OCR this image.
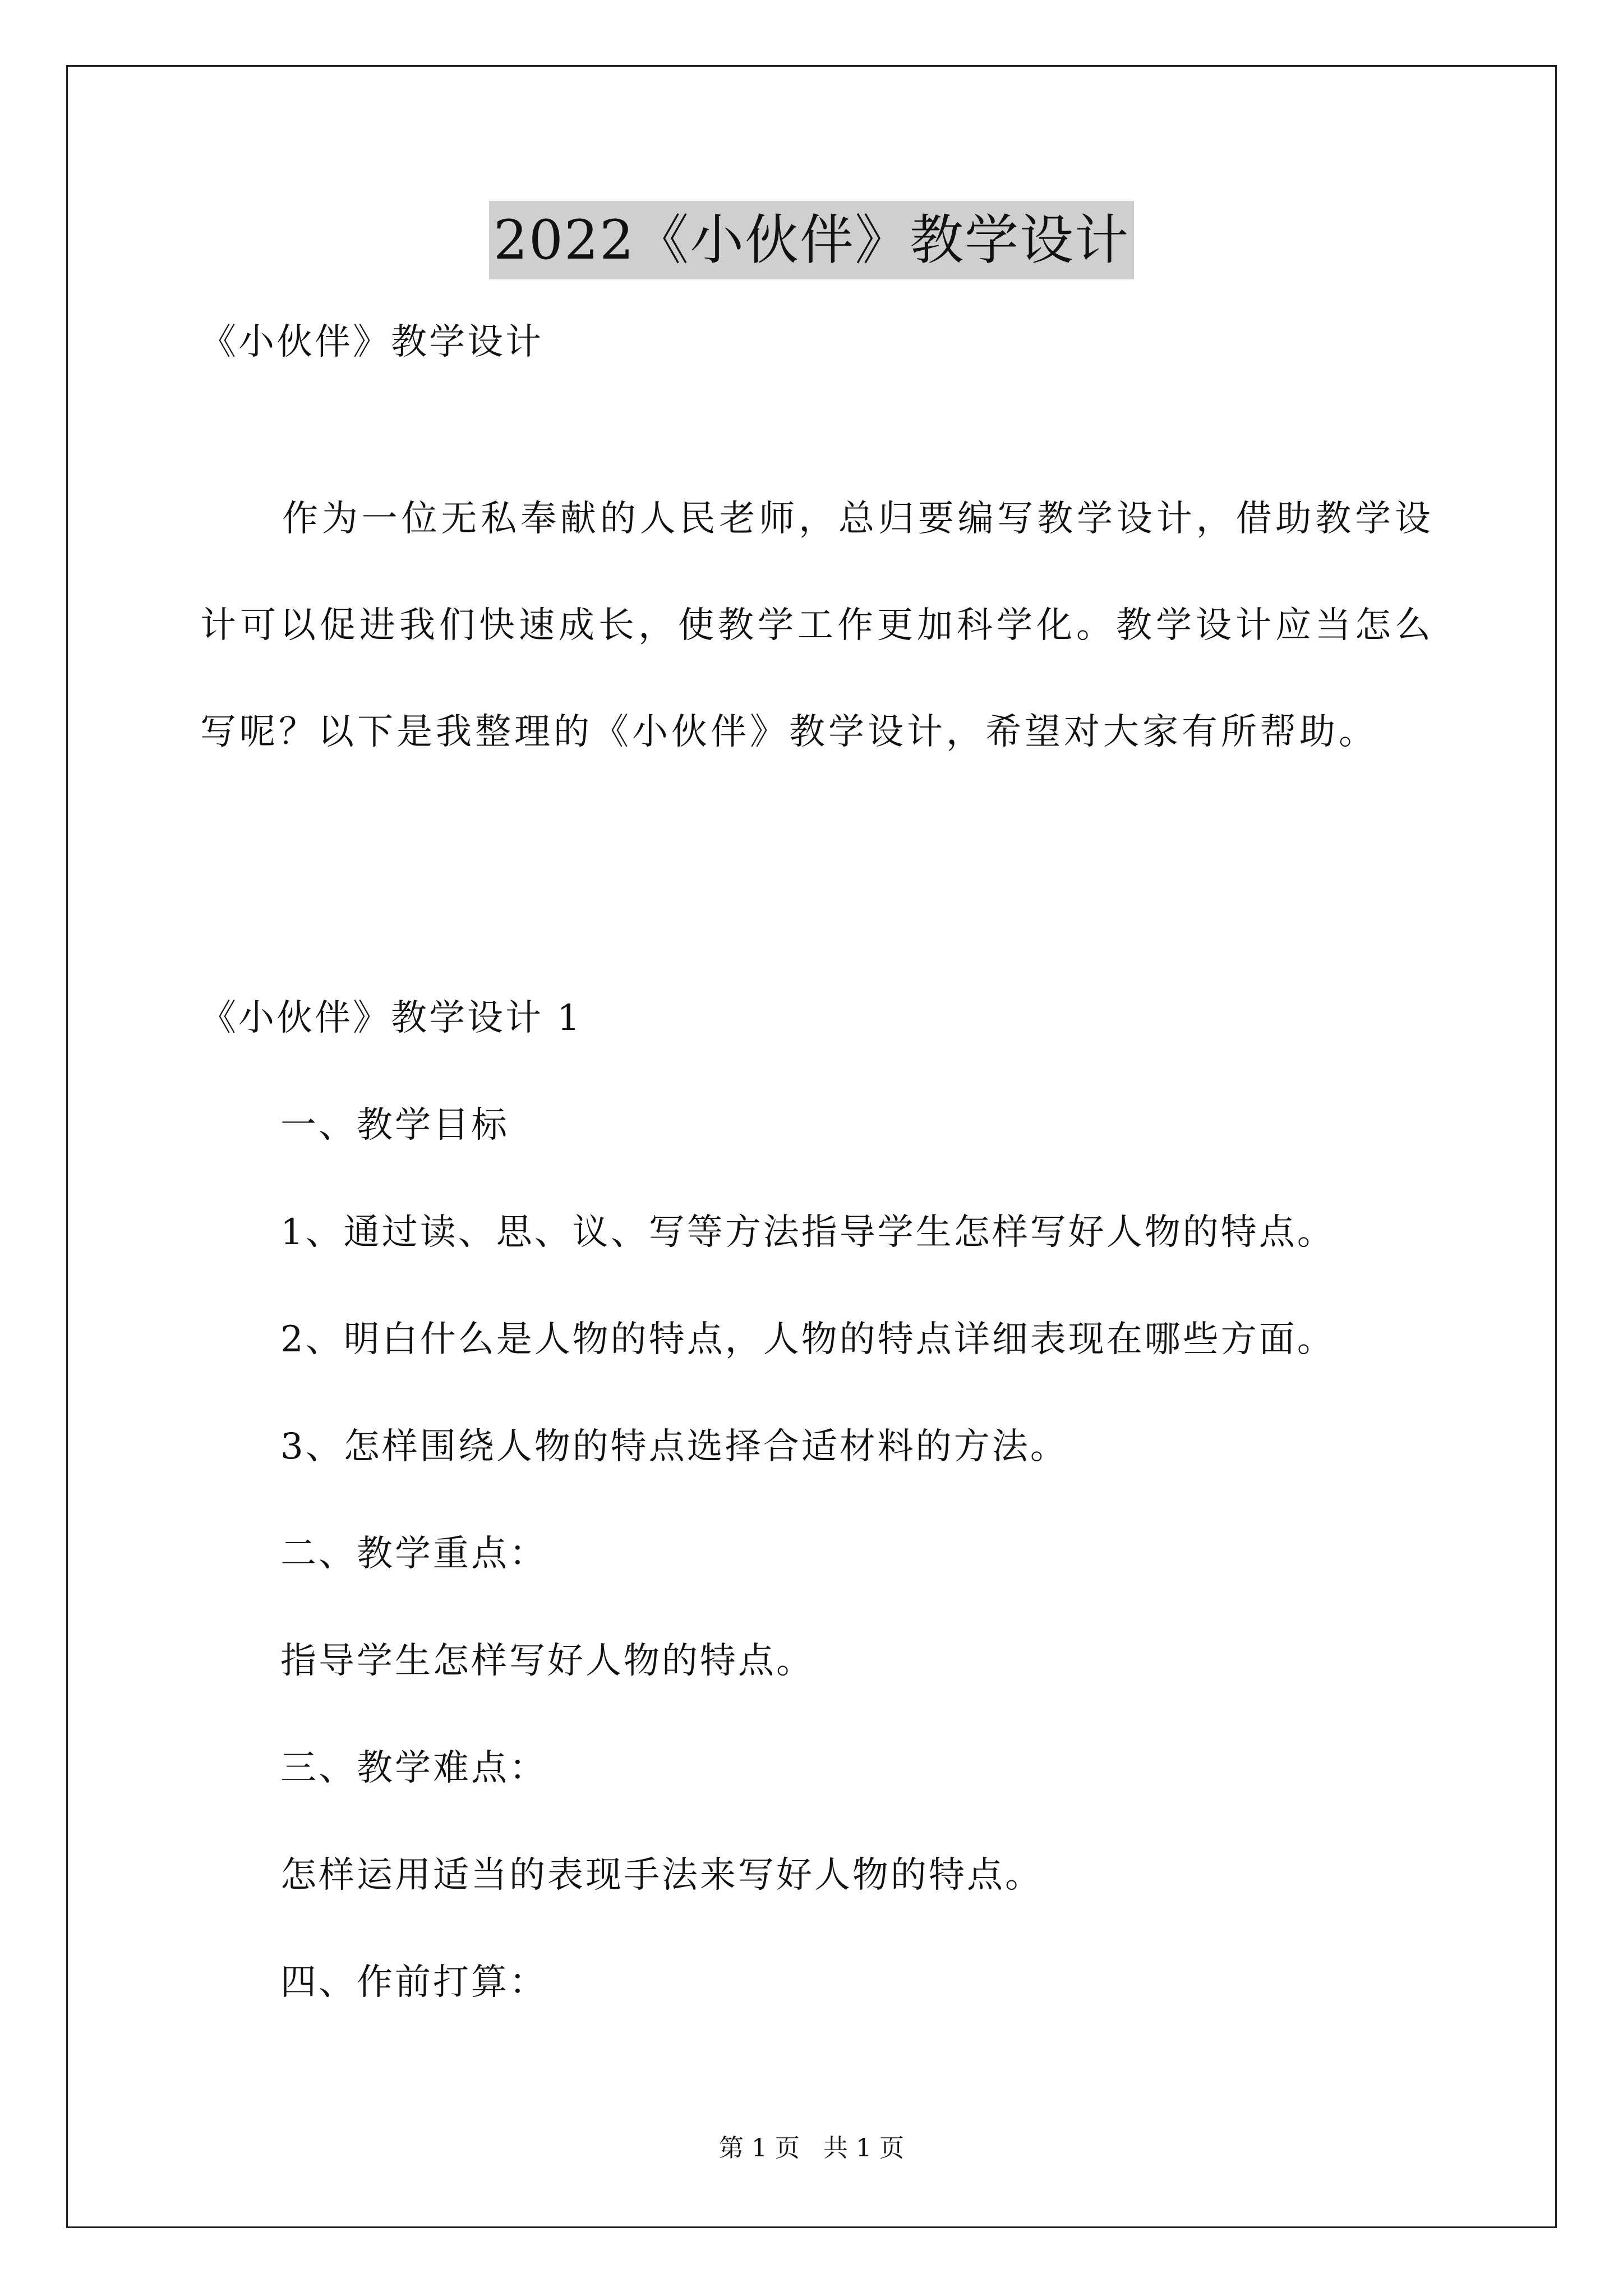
2022《小伙伴》教学设计
《小伙伴》教学设计
作为一位无私奉献的人民老师，总归要编写教学设计，借助教学设计可以促进我们快速成长，使教学工作更加科学化。教学设计应当怎么写呢？以下是我整理的《小伙伴》教学设计，希望对大家有所帮助。
《小伙伴》教学设计 1
一、教学目标
1、通过读、思、议、写等方法指导学生怎样写好人物的特点。
2、明白什么是人物的特点，人物的特点详细表现在哪些方面。
3、怎样围绕人物的特点选择合适材料的方法。
二、教学重点：
指导学生怎样写好人物的特点。
三、教学难点：
怎样运用适当的表现手法来写好人物的特点。
四、作前打算：
第 1 页 共 1 页
